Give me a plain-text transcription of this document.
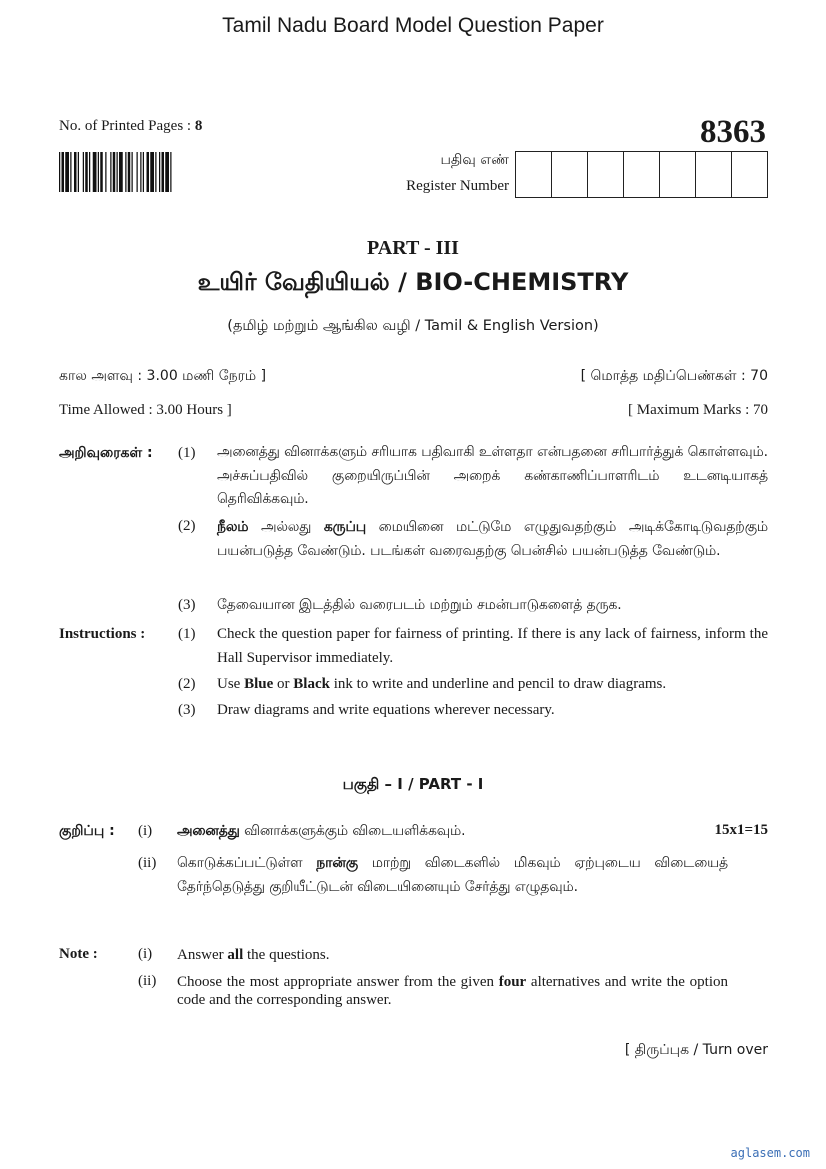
Tamil Nadu Board Model Question Paper
No. of Printed Pages : 8	8363
பதிவு எண்
Register Number
PART - III
உயிர் வேதியியல் / BIO-CHEMISTRY
(தமிழ் மற்றும் ஆங்கில வழி / Tamil & English Version)
கால அளவு : 3.00 மணி நேரம் ]	[ மொத்த மதிப்பெண்கள் : 70
Time Allowed : 3.00 Hours ]	[ Maximum Marks : 70
அறிவுரைகள் : (1) அனைத்து வினாக்களும் சரியாக பதிவாகி உள்ளதா என்பதனை சரிபார்த்துக் கொள்ளவும். அச்சுப்பதிவில் குறையிருப்பின் அறைக் கண்காணிப்பாளரிடம் உடனடியாகத் தெரிவிக்கவும்.
(2) நீலம் அல்லது கருப்பு மையினை மட்டுமே எழுதுவதற்கும் அடிக்கோடிடுவதற்கும் பயன்படுத்த வேண்டும். படங்கள் வரைவதற்கு பென்சில் பயன்படுத்த வேண்டும்.
(3) தேவையான இடத்தில் வரைபடம் மற்றும் சமன்பாடுகளைத் தருக.
Instructions : (1) Check the question paper for fairness of printing. If there is any lack of fairness, inform the Hall Supervisor immediately.
(2) Use Blue or Black ink to write and underline and pencil to draw diagrams.
(3) Draw diagrams and write equations wherever necessary.
பகுதி – I / PART - I
குறிப்பு : (i) அனைத்து வினாக்களுக்கும் விடையளிக்கவும்.	15x1=15
(ii) கொடுக்கப்பட்டுள்ள நான்கு மாற்று விடைகளில் மிகவும் ஏற்புடைய விடையைத் தேர்ந்தெடுத்து குறியீட்டுடன் விடையினையும் சேர்த்து எழுதவும்.
Note :	(i) Answer all the questions.
(ii) Choose the most appropriate answer from the given four alternatives and write the option code and the corresponding answer.
[ திருப்புக / Turn over
aglasem.com
